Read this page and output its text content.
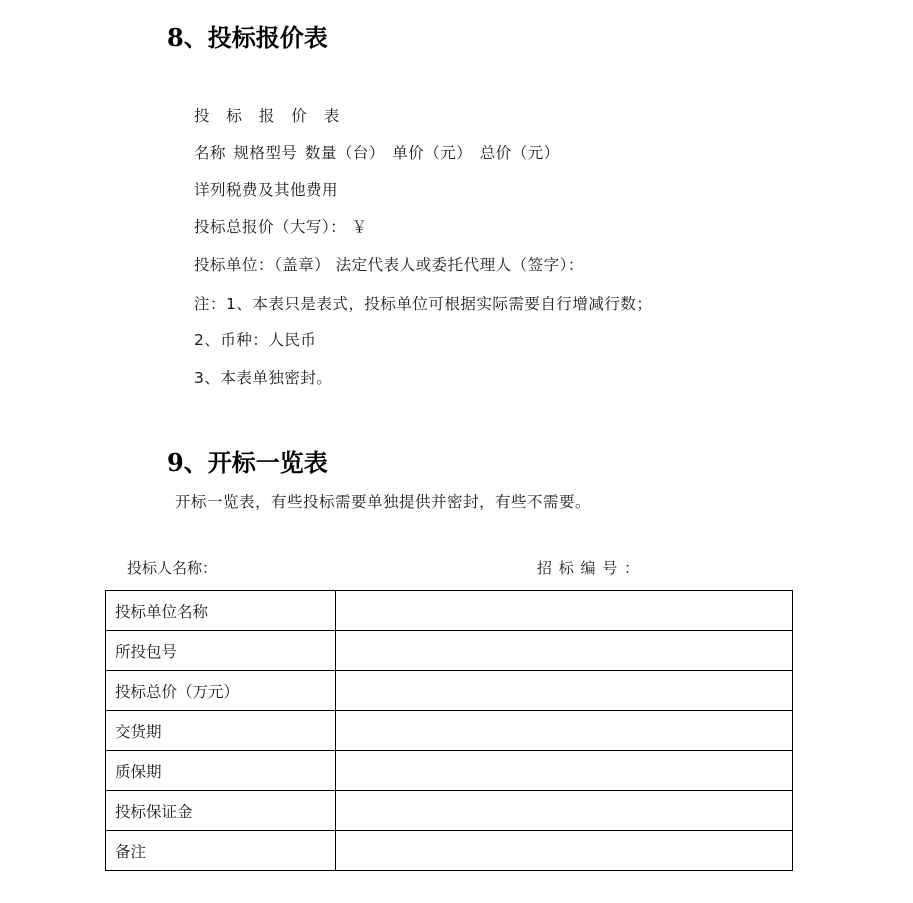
8、投标报价表
投 标 报 价 表
名称 规格型号 数量（台） 单价（元） 总价（元）
详列税费及其他费用
投标总报价（大写）： ￥
投标单位：（盖章） 法定代表人或委托代理人（签字）：
注：1、本表只是表式，投标单位可根据实际需要自行增减行数；
2、币种：人民币
3、本表单独密封。
9、开标一览表
开标一览表，有些投标需要单独提供并密封，有些不需要。
投标人名称：	招 标 编 号 ：
投标单位名称	
所投包号	
投标总价（万元）	
交货期	
质保期	
投标保证金	
备注	
